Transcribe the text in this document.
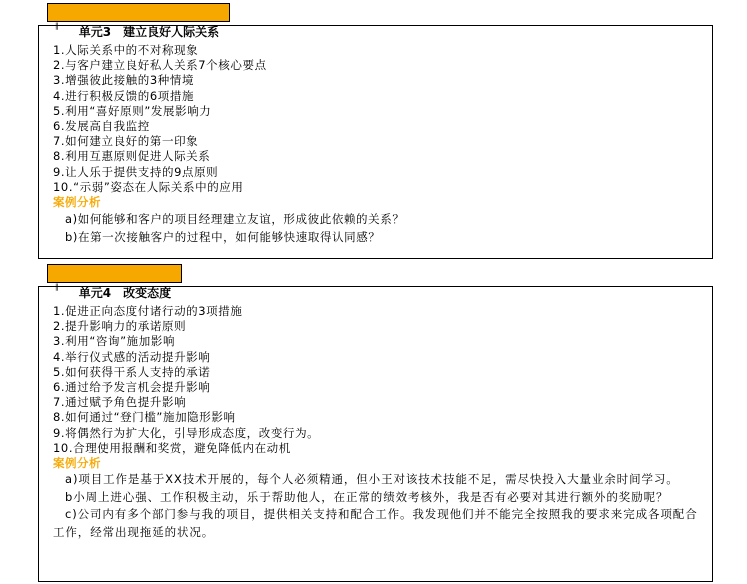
单元3 建立良好人际关系

||
1.人际关系中的不对称现象
2.与客户建立良好私人关系7个核心要点
3.增强彼此接触的3种情境
4.进行积极反馈的6项措施
5.利用“喜好原则”发展影响力
6.发展高自我监控
7.如何建立良好的第一印象
8.利用互惠原则促进人际关系
9.让人乐于提供支持的9点原则
10.“示弱”姿态在人际关系中的应用
案例分析
a)如何能够和客户的项目经理建立友谊，形成彼此依赖的关系？
b)在第一次接触客户的过程中，如何能够快速取得认同感？

单元4 改变态度

||
1.促进正向态度付诸行动的3项措施
2.提升影响力的承诺原则
3.利用“咨询”施加影响
4.举行仪式感的活动提升影响
5.如何获得干系人支持的承诺
6.通过给予发言机会提升影响
7.通过赋予角色提升影响
8.如何通过“登门槛”施加隐形影响
9.将偶然行为扩大化，引导形成态度，改变行为。
10.合理使用报酬和奖赏，避免降低内在动机
案例分析
a)项目工作是基于XX技术开展的，每个人必须精通，但小王对该技术技能不足，需尽快投入大量业余时间学习。
b小周上进心强、工作积极主动，乐于帮助他人，在正常的绩效考核外，我是否有必要对其进行额外的奖励呢？
c)公司内有多个部门参与我的项目，提供相关支持和配合工作。我发现他们并不能完全按照我的要求来完成各项配合工作，经常出现拖延的状况。
